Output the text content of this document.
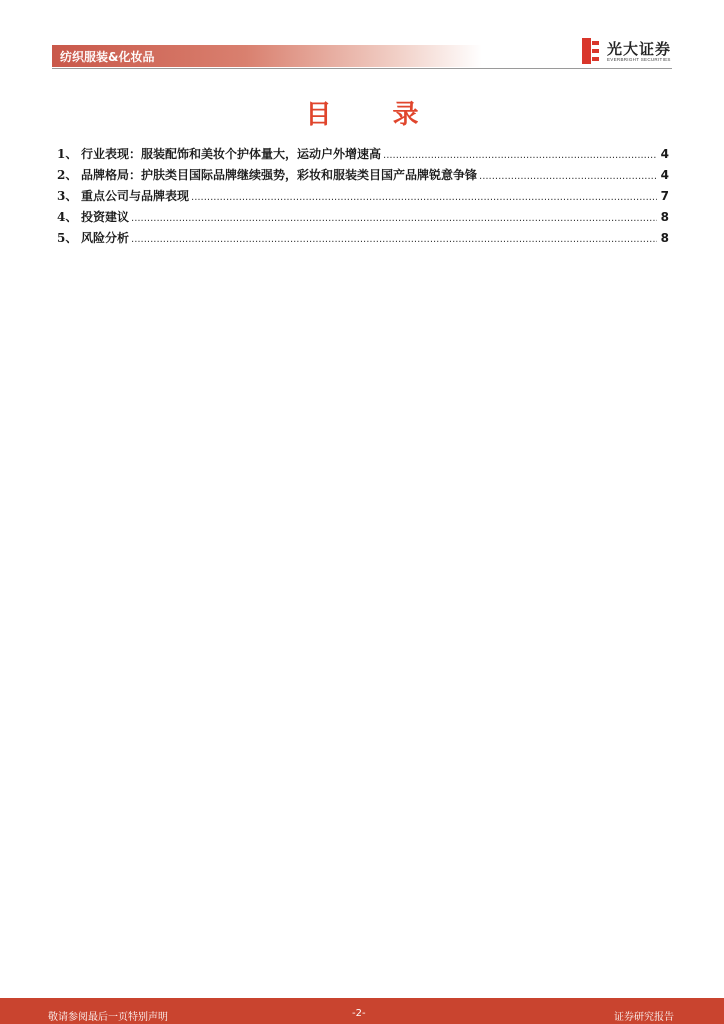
纺织服装&化妆品	光大证券
EVERBRIGHT SECURITIES
目 录
1、 行业表现：服装配饰和美妆个护体量大，运动户外增速高 .....	4
2、 品牌格局：护肤类目国际品牌继续强势，彩妆和服装类目国产品牌锐意争锋 .....	4
3、 重点公司与品牌表现 .....	7
4、 投资建议 .....	8
5、 风险分析 .....	8
敬请参阅最后一页特别声明	-2-	证券研究报告
